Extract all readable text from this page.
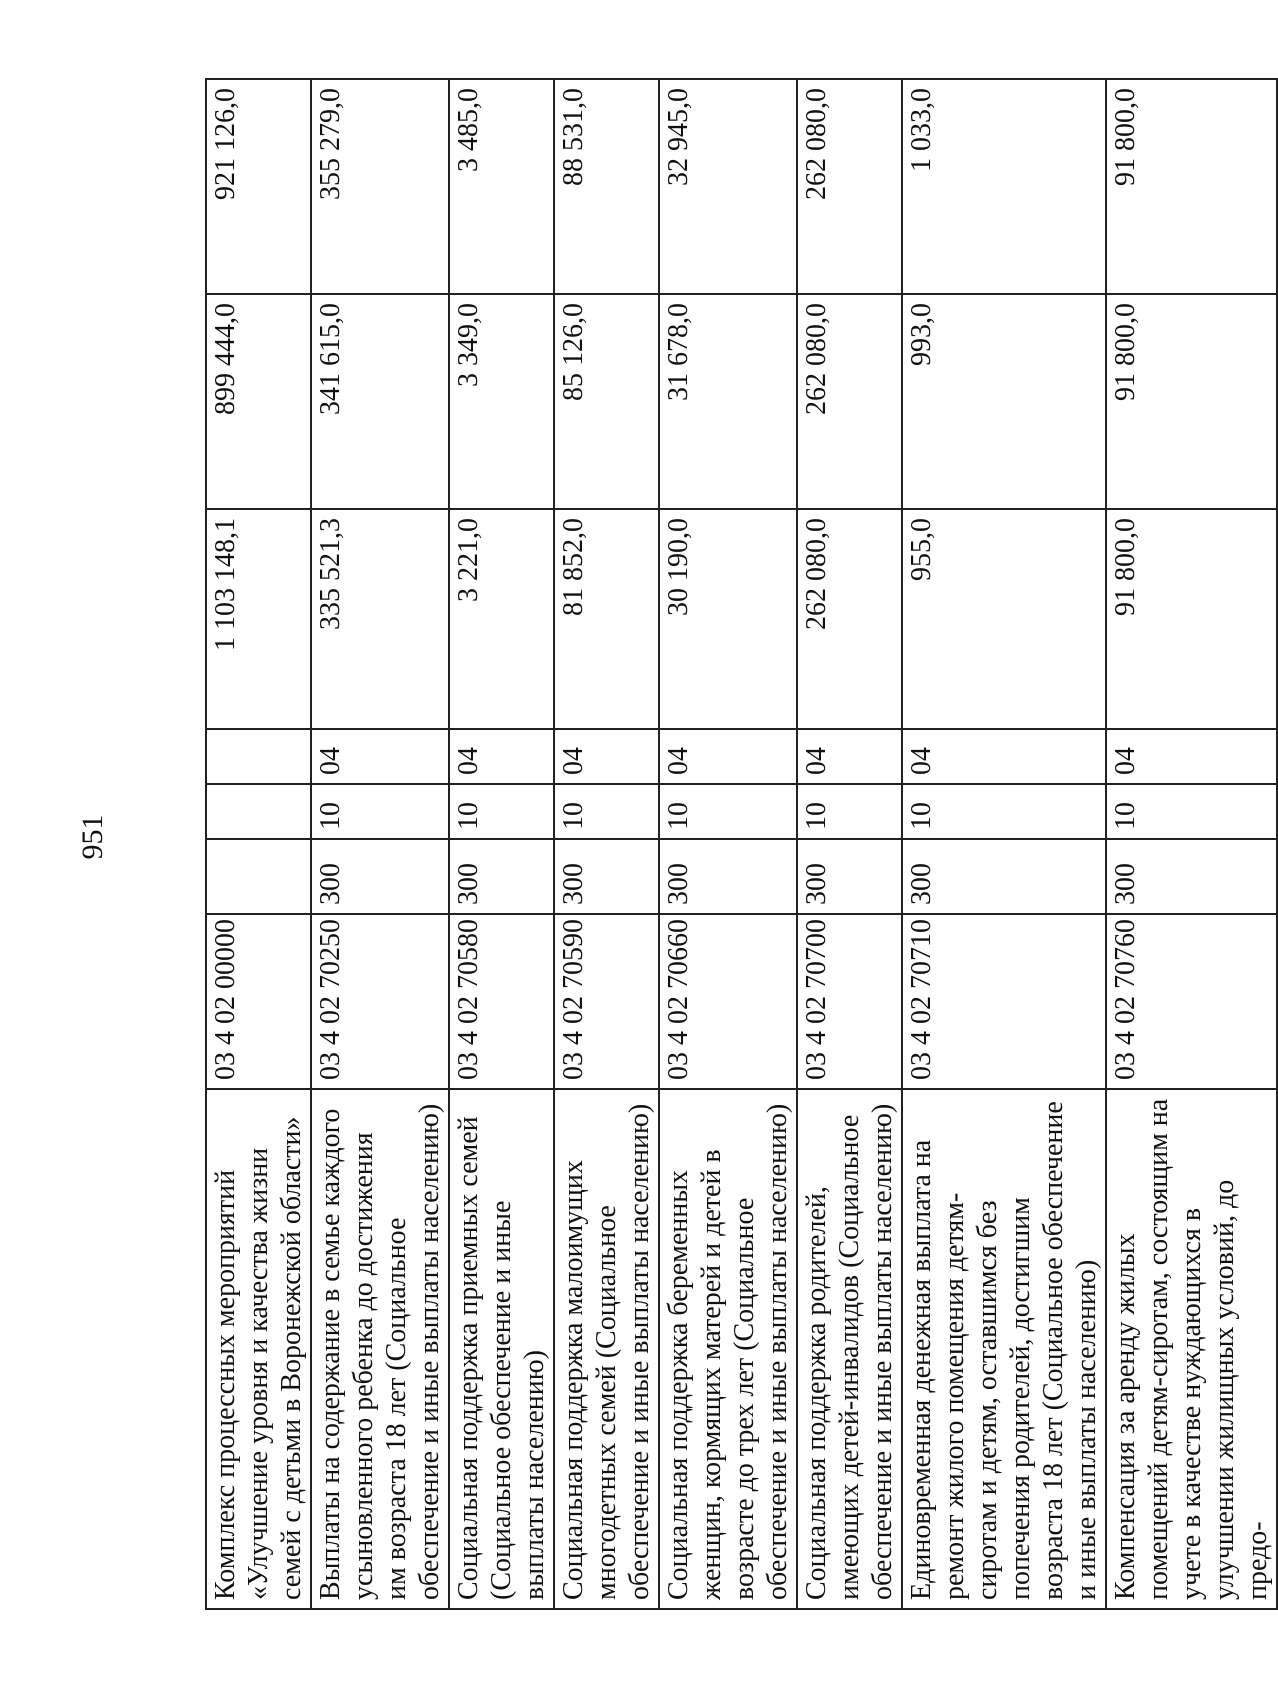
951
Комплекс процессных мероприятий «Улучшение уровня и качества жизни семей с детьми в Воронежской области»	03 4 02 00000				1 103 148,1	899 444,0	921 126,0
Выплаты на содержание в семье каждого усыновленного ребенка до достижения им возраста 18 лет (Социальное обеспечение и иные выплаты населению)	03 4 02 70250	300	10	04	335 521,3	341 615,0	355 279,0
Социальная поддержка приемных семей (Социальное обеспечение и иные выплаты населению)	03 4 02 70580	300	10	04	3 221,0	3 349,0	3 485,0
Социальная поддержка малоимущих многодетных семей (Социальное обеспечение и иные выплаты населению)	03 4 02 70590	300	10	04	81 852,0	85 126,0	88 531,0
Социальная поддержка беременных женщин, кормящих матерей и детей в возрасте до трех лет (Социальное обеспечение и иные выплаты населению)	03 4 02 70660	300	10	04	30 190,0	31 678,0	32 945,0
Социальная поддержка родителей, имеющих детей-инвалидов (Социальное обеспечение и иные выплаты населению)	03 4 02 70700	300	10	04	262 080,0	262 080,0	262 080,0
Единовременная денежная выплата на ремонт жилого помещения детям-сиротам и детям, оставшимся без попечения родителей, достигшим возраста 18 лет (Социальное обеспечение и иные выплаты населению)	03 4 02 70710	300	10	04	955,0	993,0	1 033,0
Компенсация за аренду жилых помещений детям-сиротам, состоящим на учете в качестве нуждающихся в улучшении жилищных условий, до предо-	03 4 02 70760	300	10	04	91 800,0	91 800,0	91 800,0
